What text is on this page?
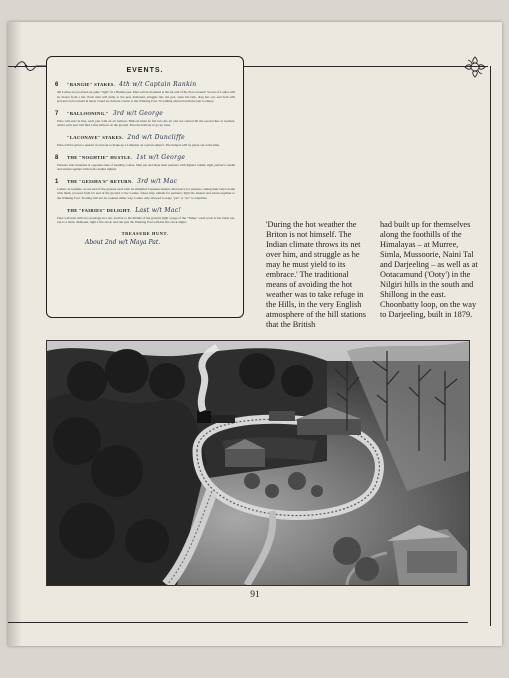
EVENTS.
6	"BANGIE" STAKES. 4th w/t Captain Rankin
All Ladies are provided up quite "right" in a Bundle pen. Men will be mounted at the far end of the Polo Ground. Scores of Ladies will be drawn from a hat. Each man will jump to the pen, dismount, struggle into the pen, seize his lady, drag her out, and both will proceed on foot hand in hand, round an obstacle course to the Winning Post. No talking allowed until the pair is empty.
7	"BALLOONING." 3rd w/t George
Pairs will start in line, each pair with an air balloon. Balloon must be felt into the air and not carried till the second line is reached, where each pair will find a fine balloon on the ground. First the balloon to go up wins.
"LACONAVE" STAKES. 2nd w/t Duncliffe
Pairs will be given a quarter of an hour to make up a Limerick on a given subject. The Subject will be given out at the time.
8	THE "NOGHTIE" HUSTLE. 1st w/t George
Partners start mounted at opposite ends of heading course. Men get and meet their partners with lighted candle, light partner's candle and return together with both candles lighted.
1	THE "GEISHA'S" RETURN. 3rd w/t Mac
Ladies, as Geishas, at one end of the ground, each with an unlighted Japanese lantern. Men leave for partners, taking their lady's home with them, proceed from far end of the ground to the Ladies, where they remain for partners; light the lantern and return together to the Winning Post. Trotting will not be counted either way. Ladies only allowed to reply "yes" or "no" to enquiries.
THE "FAIRIES" DELIGHT. Last w/t Mac!
Pairs will start with two nosebags in a bar, and bar to the middle of the ground; light a page of the "Times," each work to bar burnt out, run to a table, dismount, light a fire stock, and run past the Winning Post with the fire stock alight.
TREASURE HUNT.
About 2nd w/t Maya Pat.
'During the hot weather the Briton is not himself. The Indian climate throws its net over him, and struggle as he may he must yield to its embrace.' The traditional means of avoiding the hot weather was to take refuge in the Hills, in the very English atmosphere of the hill stations that the British
had built up for themselves along the foothills of the Himalayas – at Murree, Simla, Mussoorie, Naini Tal and Darjeeling – as well as at Ootacamund ('Ooty') in the Nilgiri hills in the south and Shillong in the east. Choonbatty loop, on the way to Darjeeling, built in 1879.
91
